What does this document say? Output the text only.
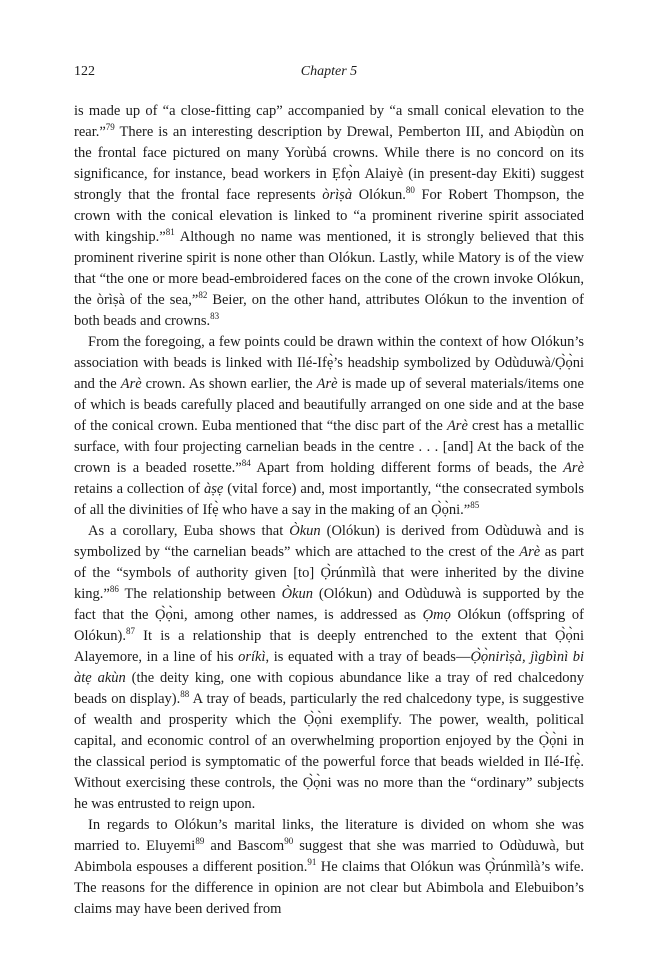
122	Chapter 5

is made up of “a close-fitting cap” accompanied by “a small conical elevation to the rear.”$^{79}$ There is an interesting description by Drewal, Pemberton III, and Abiọdùn on the frontal face pictured on many Yorùbá crowns. While there is no concord on its significance, for instance, bead workers in Ẹfọ̀n Alaiyè (in present-day Ekiti) suggest strongly that the frontal face represents òrìṣà Olókun.$^{80}$ For Robert Thompson, the crown with the conical elevation is linked to “a prominent riverine spirit associated with kingship.”$^{81}$ Although no name was mentioned, it is strongly believed that this prominent riverine spirit is none other than Olókun. Lastly, while Matory is of the view that “the one or more bead-embroidered faces on the cone of the crown invoke Olókun, the òrìṣà of the sea,”$^{82}$ Beier, on the other hand, attributes Olókun to the invention of both beads and crowns.$^{83}$

From the foregoing, a few points could be drawn within the context of how Olókun’s association with beads is linked with Ilé-Ifẹ̀’s headship symbolized by Odùduwà/Ọ̀ọ̀ni and the Arè crown. As shown earlier, the Arè is made up of several materials/items one of which is beads carefully placed and beautifully arranged on one side and at the base of the conical crown. Euba mentioned that “the disc part of the Arè crest has a metallic surface, with four projecting carnelian beads in the centre . . . [and] At the back of the crown is a beaded rosette.”$^{84}$ Apart from holding different forms of beads, the Arè retains a collection of àṣẹ (vital force) and, most importantly, “the consecrated symbols of all the divinities of Ifẹ̀ who have a say in the making of an Ọ̀ọ̀ni.”$^{85}$

As a corollary, Euba shows that Òkun (Olókun) is derived from Odùduwà and is symbolized by “the carnelian beads” which are attached to the crest of the Arè as part of the “symbols of authority given [to] Ọ̀rúnmìlà that were inherited by the divine king.”$^{86}$ The relationship between Òkun (Olókun) and Odùduwà is supported by the fact that the Ọ̀ọ̀ni, among other names, is addressed as Ọmọ Olókun (offspring of Olókun).$^{87}$ It is a relationship that is deeply entrenched to the extent that Ọ̀ọ̀ni Alayemore, in a line of his oríkì, is equated with a tray of beads—Ọ̀ọ̀nirìṣà, jìgbìnì bi àtẹ akùn (the deity king, one with copious abundance like a tray of red chalcedony beads on display).$^{88}$ A tray of beads, particularly the red chalcedony type, is suggestive of wealth and prosperity which the Ọ̀ọ̀ni exemplify. The power, wealth, political capital, and economic control of an overwhelming proportion enjoyed by the Ọ̀ọ̀ni in the classical period is symptomatic of the powerful force that beads wielded in Ilé-Ifẹ̀. Without exercising these controls, the Ọ̀ọ̀ni was no more than the “ordinary” subjects he was entrusted to reign upon.

In regards to Olókun’s marital links, the literature is divided on whom she was married to. Eluyemi$^{89}$ and Bascom$^{90}$ suggest that she was married to Odùduwà, but Abimbola espouses a different position.$^{91}$ He claims that Olókun was Ọ̀rúnmìlà’s wife. The reasons for the difference in opinion are not clear but Abimbola and Elebuibon’s claims may have been derived from
